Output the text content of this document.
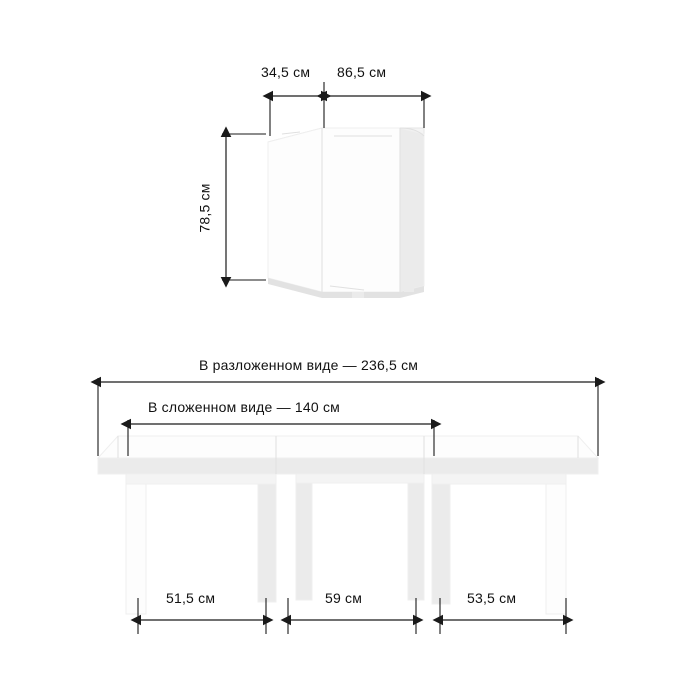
34,5 см 86,5 см
78,5 см
В разложенном виде — 236,5 см
В сложенном виде — 140 см
51,5 см	59 см	53,5 см
